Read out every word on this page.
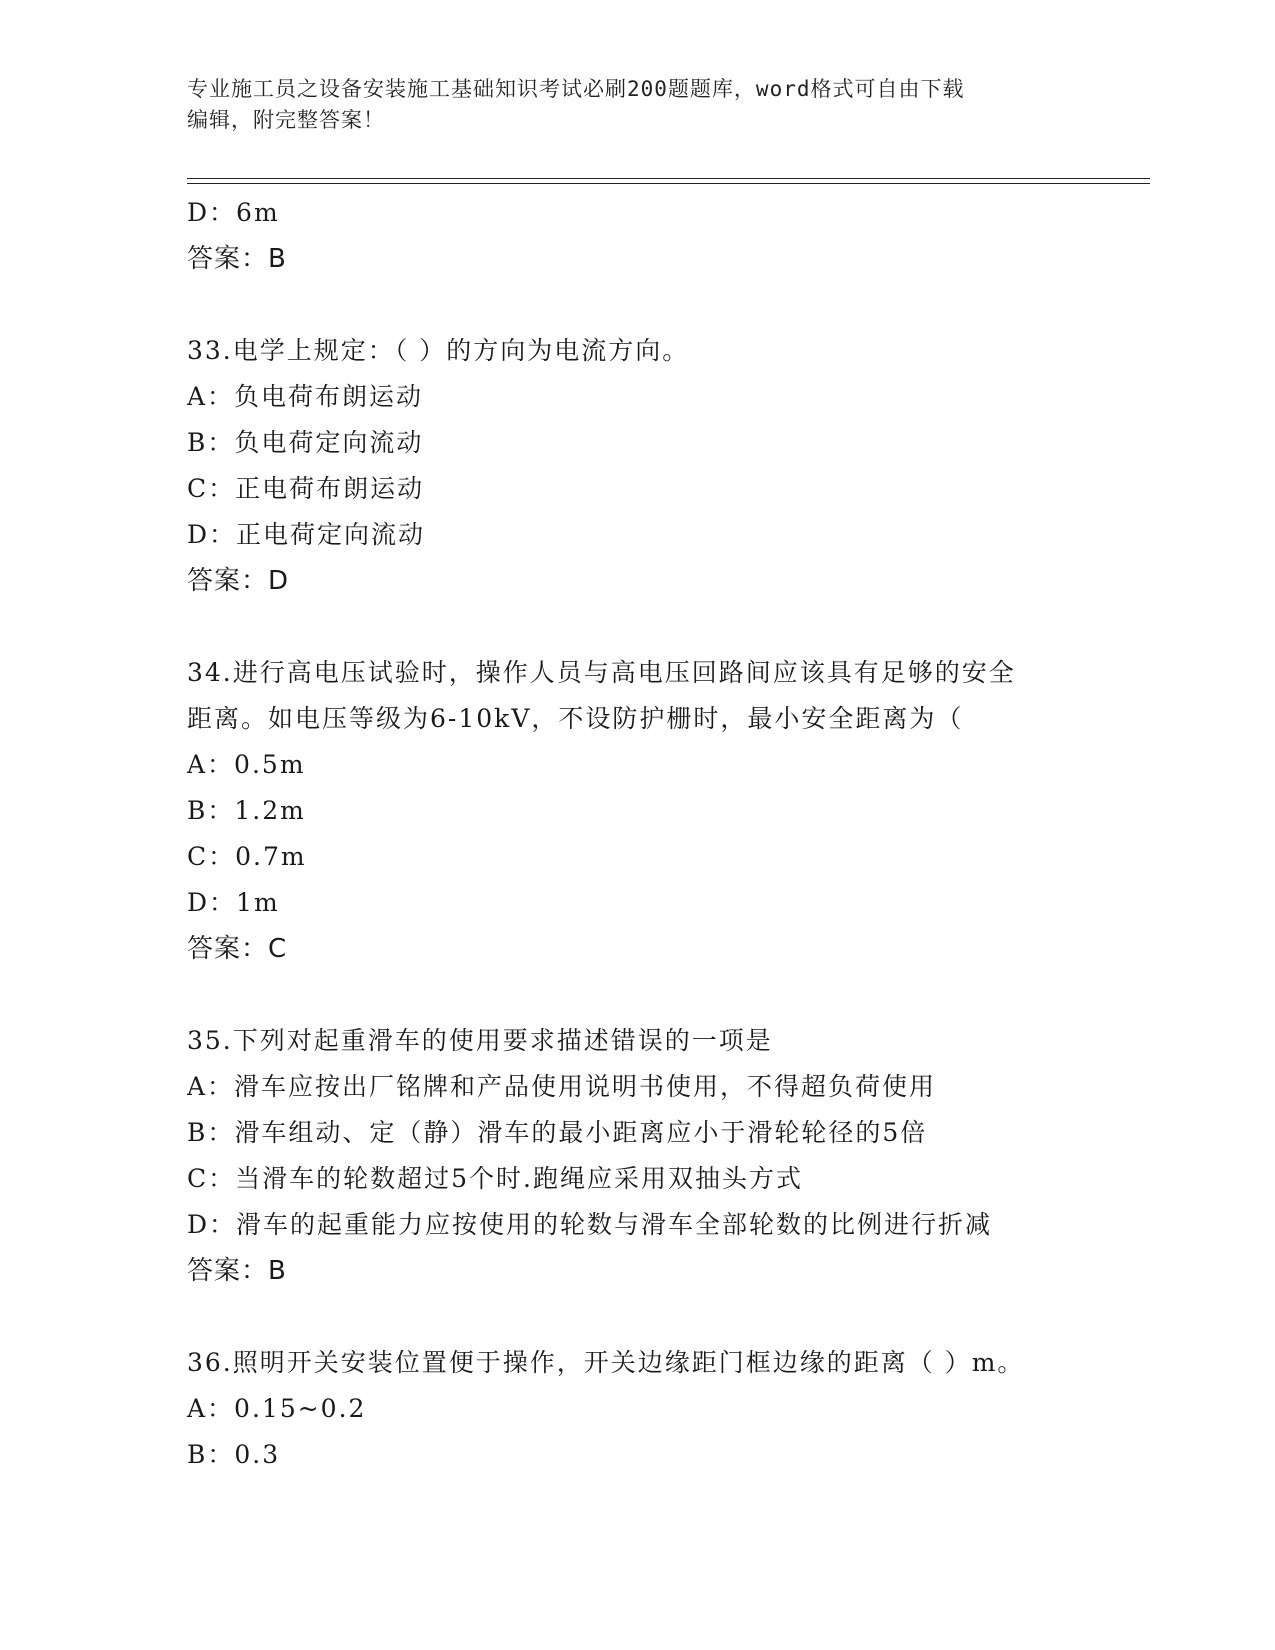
专业施工员之设备安装施工基础知识考试必刷200题题库，word格式可自由下载
编辑，附完整答案！
D：6m
答案：B
33.电学上规定：（ ）的方向为电流方向。
A：负电荷布朗运动
B：负电荷定向流动
C：正电荷布朗运动
D：正电荷定向流动
答案：D
34.进行高电压试验时，操作人员与高电压回路间应该具有足够的安全
距离。如电压等级为6-10kV，不设防护栅时，最小安全距离为（
A：0.5m
B：1.2m
C：0.7m
D：1m
答案：C
35.下列对起重滑车的使用要求描述错误的一项是
A：滑车应按出厂铭牌和产品使用说明书使用，不得超负荷使用
B：滑车组动、定（静）滑车的最小距离应小于滑轮轮径的5倍
C：当滑车的轮数超过5个时.跑绳应采用双抽头方式
D：滑车的起重能力应按使用的轮数与滑车全部轮数的比例进行折减
答案：B
36.照明开关安装位置便于操作，开关边缘距门框边缘的距离（ ）m。
A：0.15~0.2
B：0.3
